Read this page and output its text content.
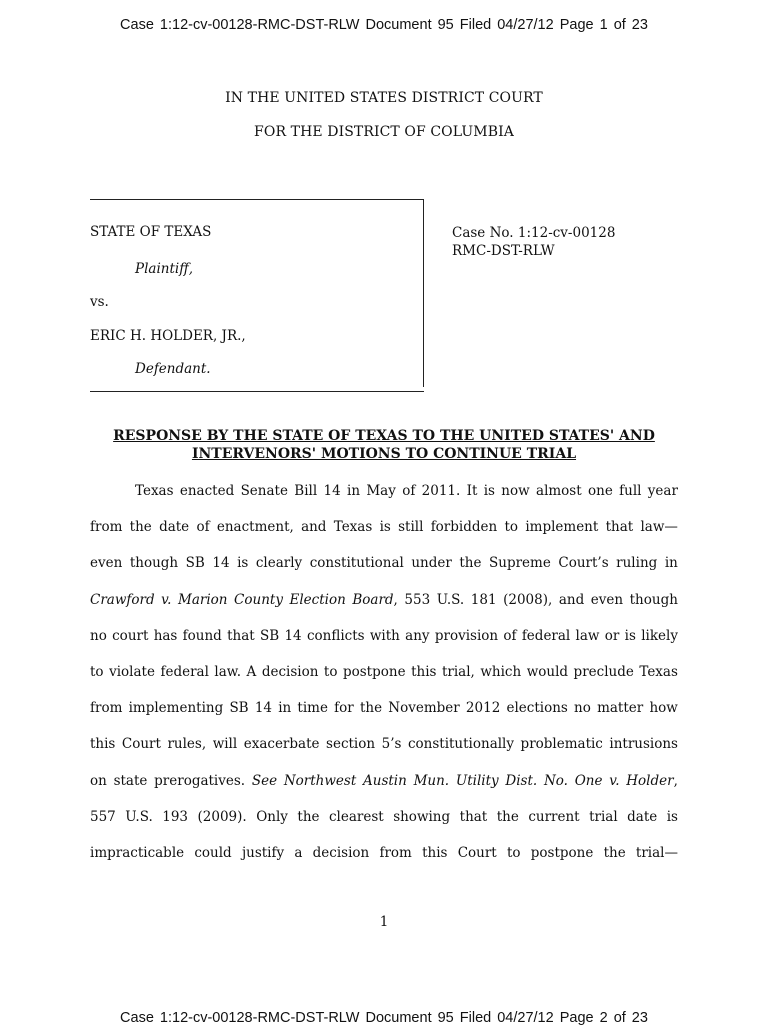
Case 1:12-cv-00128-RMC-DST-RLW Document 95 Filed 04/27/12 Page 1 of 23
IN THE UNITED STATES DISTRICT COURT
FOR THE DISTRICT OF COLUMBIA
STATE OF TEXAS
Plaintiff,
vs.
ERIC H. HOLDER, JR.,
Defendant.
Case No. 1:12-cv-00128
RMC-DST-RLW
RESPONSE BY THE STATE OF TEXAS TO THE UNITED STATES' AND
INTERVENORS' MOTIONS TO CONTINUE TRIAL
Texas enacted Senate Bill 14 in May of 2011. It is now almost one full year
from the date of enactment, and Texas is still forbidden to implement that law—
even though SB 14 is clearly constitutional under the Supreme Court’s ruling in
Crawford v. Marion County Election Board, 553 U.S. 181 (2008), and even though
no court has found that SB 14 conflicts with any provision of federal law or is likely
to violate federal law. A decision to postpone this trial, which would preclude Texas
from implementing SB 14 in time for the November 2012 elections no matter how
this Court rules, will exacerbate section 5’s constitutionally problematic intrusions
on state prerogatives. See Northwest Austin Mun. Utility Dist. No. One v. Holder,
557 U.S. 193 (2009). Only the clearest showing that the current trial date is
impracticable could justify a decision from this Court to postpone the trial—
1
Case 1:12-cv-00128-RMC-DST-RLW Document 95 Filed 04/27/12 Page 2 of 23
